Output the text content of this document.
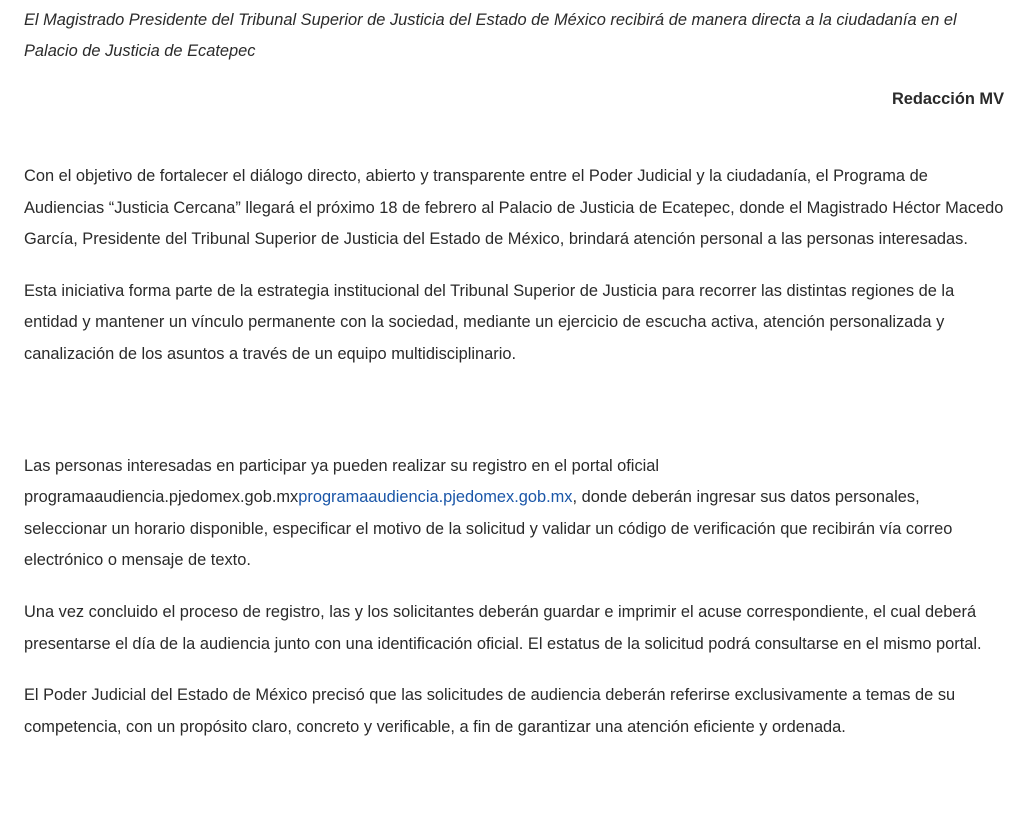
El Magistrado Presidente del Tribunal Superior de Justicia del Estado de México recibirá de manera directa a la ciudadanía en el Palacio de Justicia de Ecatepec

Redacción MV

Con el objetivo de fortalecer el diálogo directo, abierto y transparente entre el Poder Judicial y la ciudadanía, el Programa de Audiencias “Justicia Cercana” llegará el próximo 18 de febrero al Palacio de Justicia de Ecatepec, donde el Magistrado Héctor Macedo García, Presidente del Tribunal Superior de Justicia del Estado de México, brindará atención personal a las personas interesadas.

Esta iniciativa forma parte de la estrategia institucional del Tribunal Superior de Justicia para recorrer las distintas regiones de la entidad y mantener un vínculo permanente con la sociedad, mediante un ejercicio de escucha activa, atención personalizada y canalización de los asuntos a través de un equipo multidisciplinario.

Las personas interesadas en participar ya pueden realizar su registro en el portal oficial programaaudiencia.pjedomex.gob.mxprogramaaudiencia.pjedomex.gob.mx, donde deberán ingresar sus datos personales, seleccionar un horario disponible, especificar el motivo de la solicitud y validar un código de verificación que recibirán vía correo electrónico o mensaje de texto.

Una vez concluido el proceso de registro, las y los solicitantes deberán guardar e imprimir el acuse correspondiente, el cual deberá presentarse el día de la audiencia junto con una identificación oficial. El estatus de la solicitud podrá consultarse en el mismo portal.

El Poder Judicial del Estado de México precisó que las solicitudes de audiencia deberán referirse exclusivamente a temas de su competencia, con un propósito claro, concreto y verificable, a fin de garantizar una atención eficiente y ordenada.
